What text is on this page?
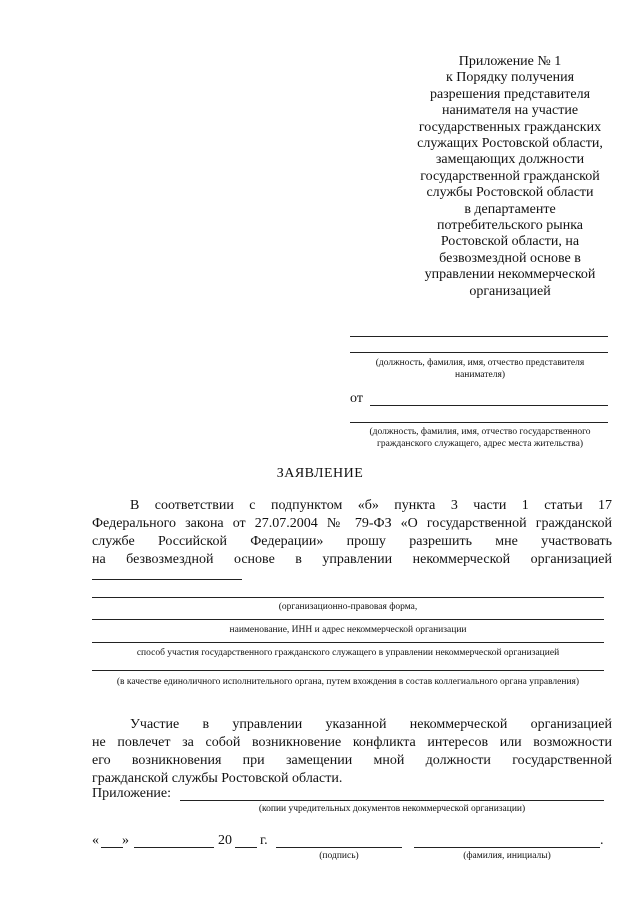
Приложение № 1
к Порядку получения
разрешения представителя
нанимателя на участие
государственных гражданских
служащих Ростовской области,
замещающих должности
государственной гражданской
службы Ростовской области
в департаменте
потребительского рынка
Ростовской области, на
безвозмездной основе в
управлении некоммерческой
организацией
(должность, фамилия, имя, отчество представителя нанимателя)
от
(должность, фамилия, имя, отчество государственного гражданского служащего, адрес места жительства)
ЗАЯВЛЕНИЕ
В соответствии с подпунктом «б» пункта 3 части 1 статьи 17
Федерального закона от 27.07.2004 № 79-ФЗ «О государственной гражданской
службе Российской Федерации» прошу разрешить мне участвовать
на безвозмездной основе в управлении некоммерческой организацией
(организационно-правовая форма,
наименование, ИНН и адрес некоммерческой организации
способ участия государственного гражданского служащего в управлении некоммерческой организацией
(в качестве единоличного исполнительного органа, путем вхождения в состав коллегиального органа управления)
Участие в управлении указанной некоммерческой организацией
не повлечет за собой возникновение конфликта интересов или возможности
его возникновения при замещении мной должности государственной
гражданской службы Ростовской области.
Приложение:
(копии учредительных документов некоммерческой организации)
« »	20 г.	.
(подпись)	(фамилия, инициалы)
